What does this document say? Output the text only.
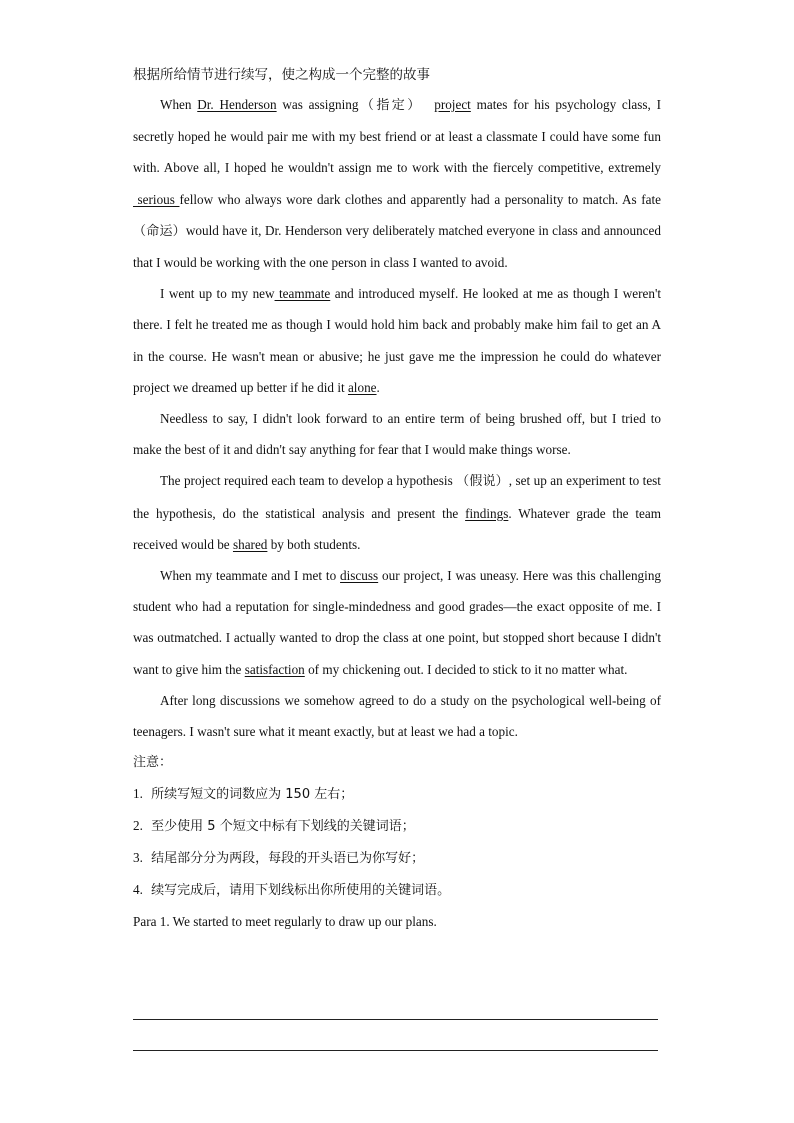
根据所给情节进行续写，使之构成一个完整的故事

When Dr. Henderson was assigning（指定） project mates for his psychology class, I secretly hoped he would pair me with my best friend or at least a classmate I could have some fun with. Above all, I hoped he wouldn't assign me to work with the fiercely competitive, extremely serious fellow who always wore dark clothes and apparently had a personality to match. As fate （命运）would have it, Dr. Henderson very deliberately matched everyone in class and announced that I would be working with the one person in class I wanted to avoid.

I went up to my new teammate and introduced myself. He looked at me as though I weren't there. I felt he treated me as though I would hold him back and probably make him fail to get an A in the course. He wasn't mean or abusive; he just gave me the impression he could do whatever project we dreamed up better if he did it alone.

Needless to say, I didn't look forward to an entire term of being brushed off, but I tried to make the best of it and didn't say anything for fear that I would make things worse.

The project required each team to develop a hypothesis （假说）, set up an experiment to test the hypothesis, do the statistical analysis and present the findings. Whatever grade the team received would be shared by both students.

When my teammate and I met to discuss our project, I was uneasy. Here was this challenging student who had a reputation for single-mindedness and good grades—the exact opposite of me. I was outmatched. I actually wanted to drop the class at one point, but stopped short because I didn't want to give him the satisfaction of my chickening out. I decided to stick to it no matter what.

After long discussions we somehow agreed to do a study on the psychological well-being of teenagers. I wasn't sure what it meant exactly, but at least we had a topic.

注意：
1. 所续写短文的词数应为 150 左右；
2. 至少使用 5 个短文中标有下划线的关键词语；
3. 结尾部分分为两段，每段的开头语已为你写好；
4. 续写完成后，请用下划线标出你所使用的关键词语。
Para 1. We started to meet regularly to draw up our plans.
